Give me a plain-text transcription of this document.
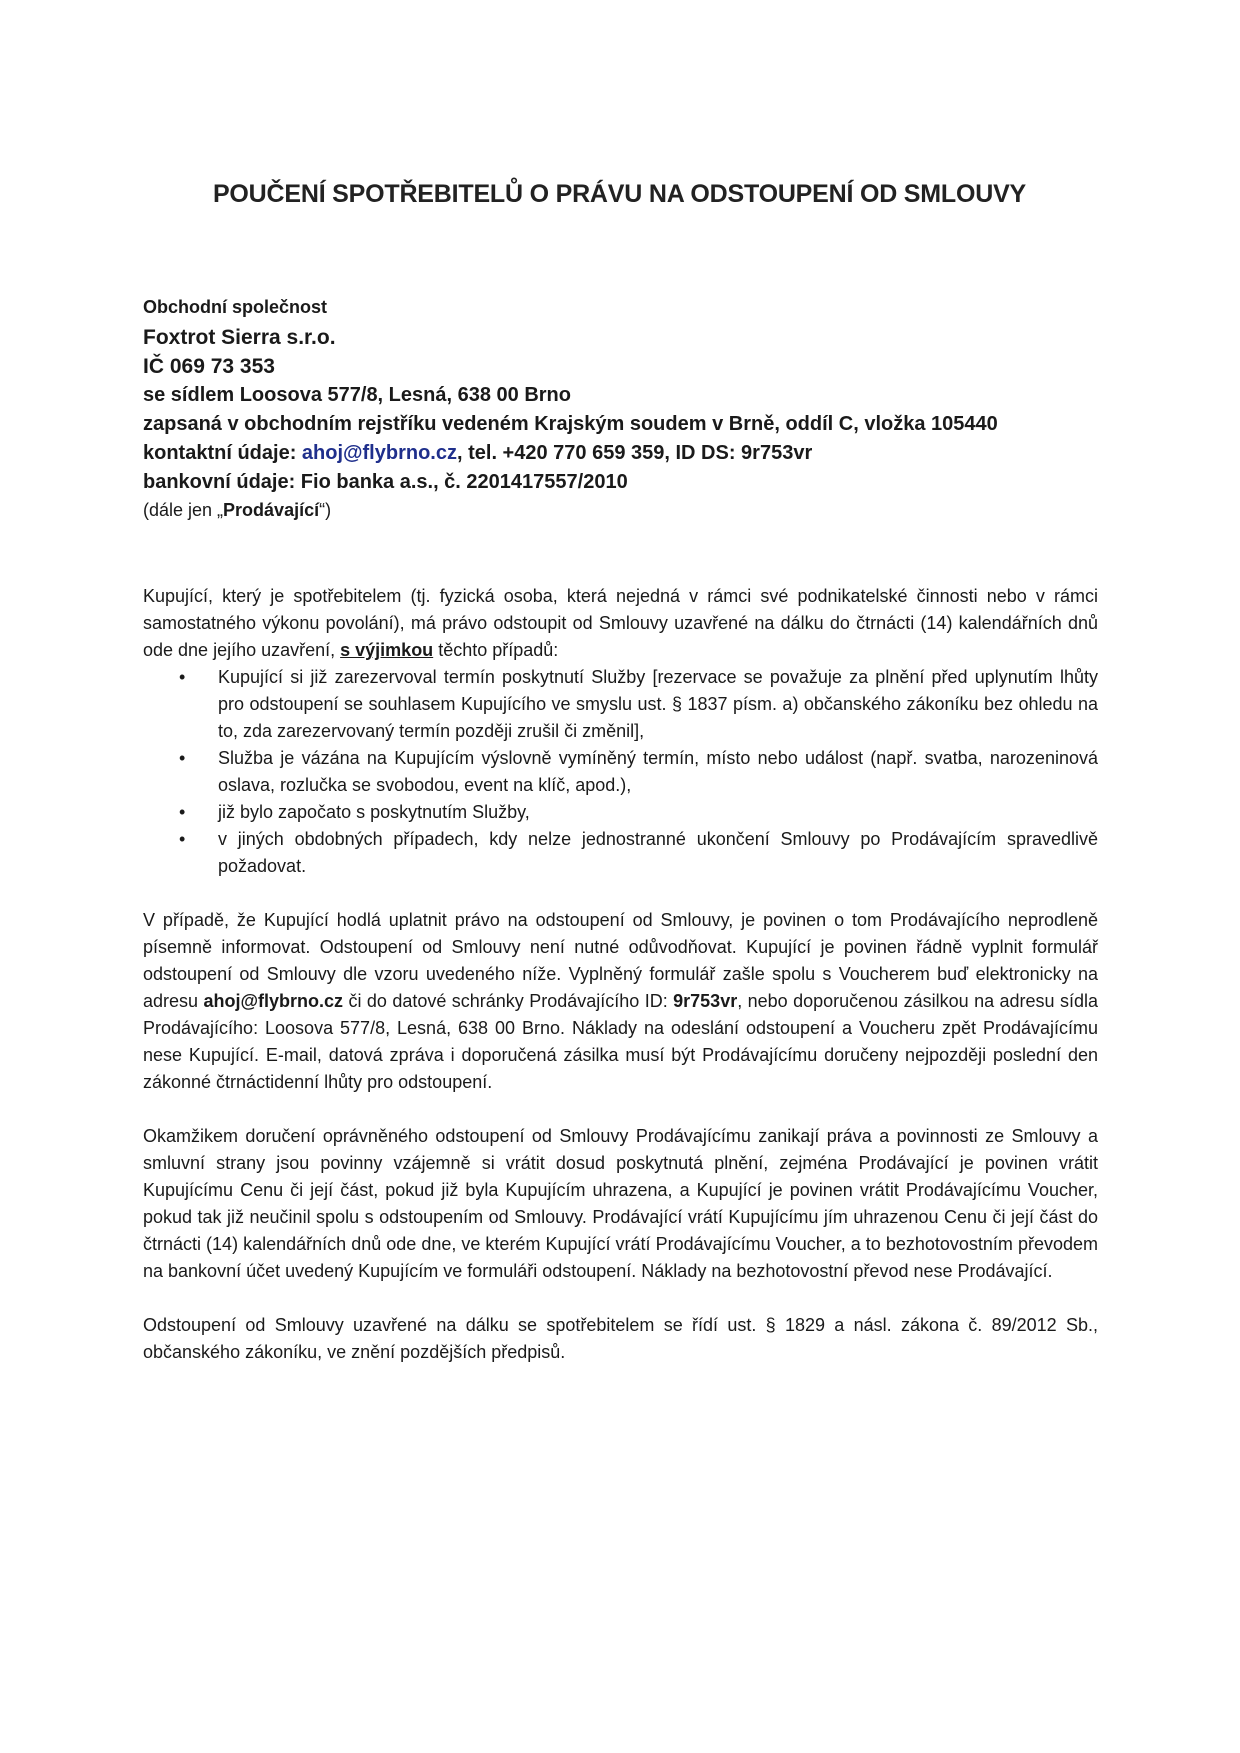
POUČENÍ SPOTŘEBITELŮ O PRÁVU NA ODSTOUPENÍ OD SMLOUVY
Obchodní společnost
Foxtrot Sierra s.r.o.
IČ 069 73 353
se sídlem Loosova 577/8, Lesná, 638 00 Brno
zapsaná v obchodním rejstříku vedeném Krajským soudem v Brně, oddíl C, vložka 105440
kontaktní údaje: ahoj@flybrno.cz, tel. +420 770 659 359, ID DS: 9r753vr
bankovní údaje: Fio banka a.s., č. 2201417557/2010
(dále jen „Prodávající“)
Kupující, který je spotřebitelem (tj. fyzická osoba, která nejedná v rámci své podnikatelské činnosti nebo v rámci samostatného výkonu povolání), má právo odstoupit od Smlouvy uzavřené na dálku do čtrnácti (14) kalendářních dnů ode dne jejího uzavření, s výjimkou těchto případů:
• Kupující si již zarezervoval termín poskytnutí Služby [rezervace se považuje za plnění před uplynutím lhůty pro odstoupení se souhlasem Kupujícího ve smyslu ust. § 1837 písm. a) občanského zákoníku bez ohledu na to, zda zarezervovaný termín později zrušil či změnil],
• Služba je vázána na Kupujícím výslovně vymíněný termín, místo nebo událost (např. svatba, narozeninová oslava, rozlučka se svobodou, event na klíč, apod.),
• již bylo započato s poskytnutím Služby,
• v jiných obdobných případech, kdy nelze jednostranné ukončení Smlouvy po Prodávajícím spravedlivě požadovat.
V případě, že Kupující hodlá uplatnit právo na odstoupení od Smlouvy, je povinen o tom Prodávajícího neprodleně písemně informovat. Odstoupení od Smlouvy není nutné odůvodňovat. Kupující je povinen řádně vyplnit formulář odstoupení od Smlouvy dle vzoru uvedeného níže. Vyplněný formulář zašle spolu s Voucherem buď elektronicky na adresu ahoj@flybrno.cz či do datové schránky Prodávajícího ID: 9r753vr, nebo doporučenou zásilkou na adresu sídla Prodávajícího: Loosova 577/8, Lesná, 638 00 Brno. Náklady na odeslání odstoupení a Voucheru zpět Prodávajícímu nese Kupující. E-mail, datová zpráva i doporučená zásilka musí být Prodávajícímu doručeny nejpozději poslední den zákonné čtrnáctidenní lhůty pro odstoupení.
Okamžikem doručení oprávněného odstoupení od Smlouvy Prodávajícímu zanikají práva a povinnosti ze Smlouvy a smluvní strany jsou povinny vzájemně si vrátit dosud poskytnutá plnění, zejména Prodávající je povinen vrátit Kupujícímu Cenu či její část, pokud již byla Kupujícím uhrazena, a Kupující je povinen vrátit Prodávajícímu Voucher, pokud tak již neučinil spolu s odstoupením od Smlouvy. Prodávající vrátí Kupujícímu jím uhrazenou Cenu či její část do čtrnácti (14) kalendářních dnů ode dne, ve kterém Kupující vrátí Prodávajícímu Voucher, a to bezhotovostním převodem na bankovní účet uvedený Kupujícím ve formuláři odstoupení. Náklady na bezhotovostní převod nese Prodávající.
Odstoupení od Smlouvy uzavřené na dálku se spotřebitelem se řídí ust. § 1829 a násl. zákona č. 89/2012 Sb., občanského zákoníku, ve znění pozdějších předpisů.
